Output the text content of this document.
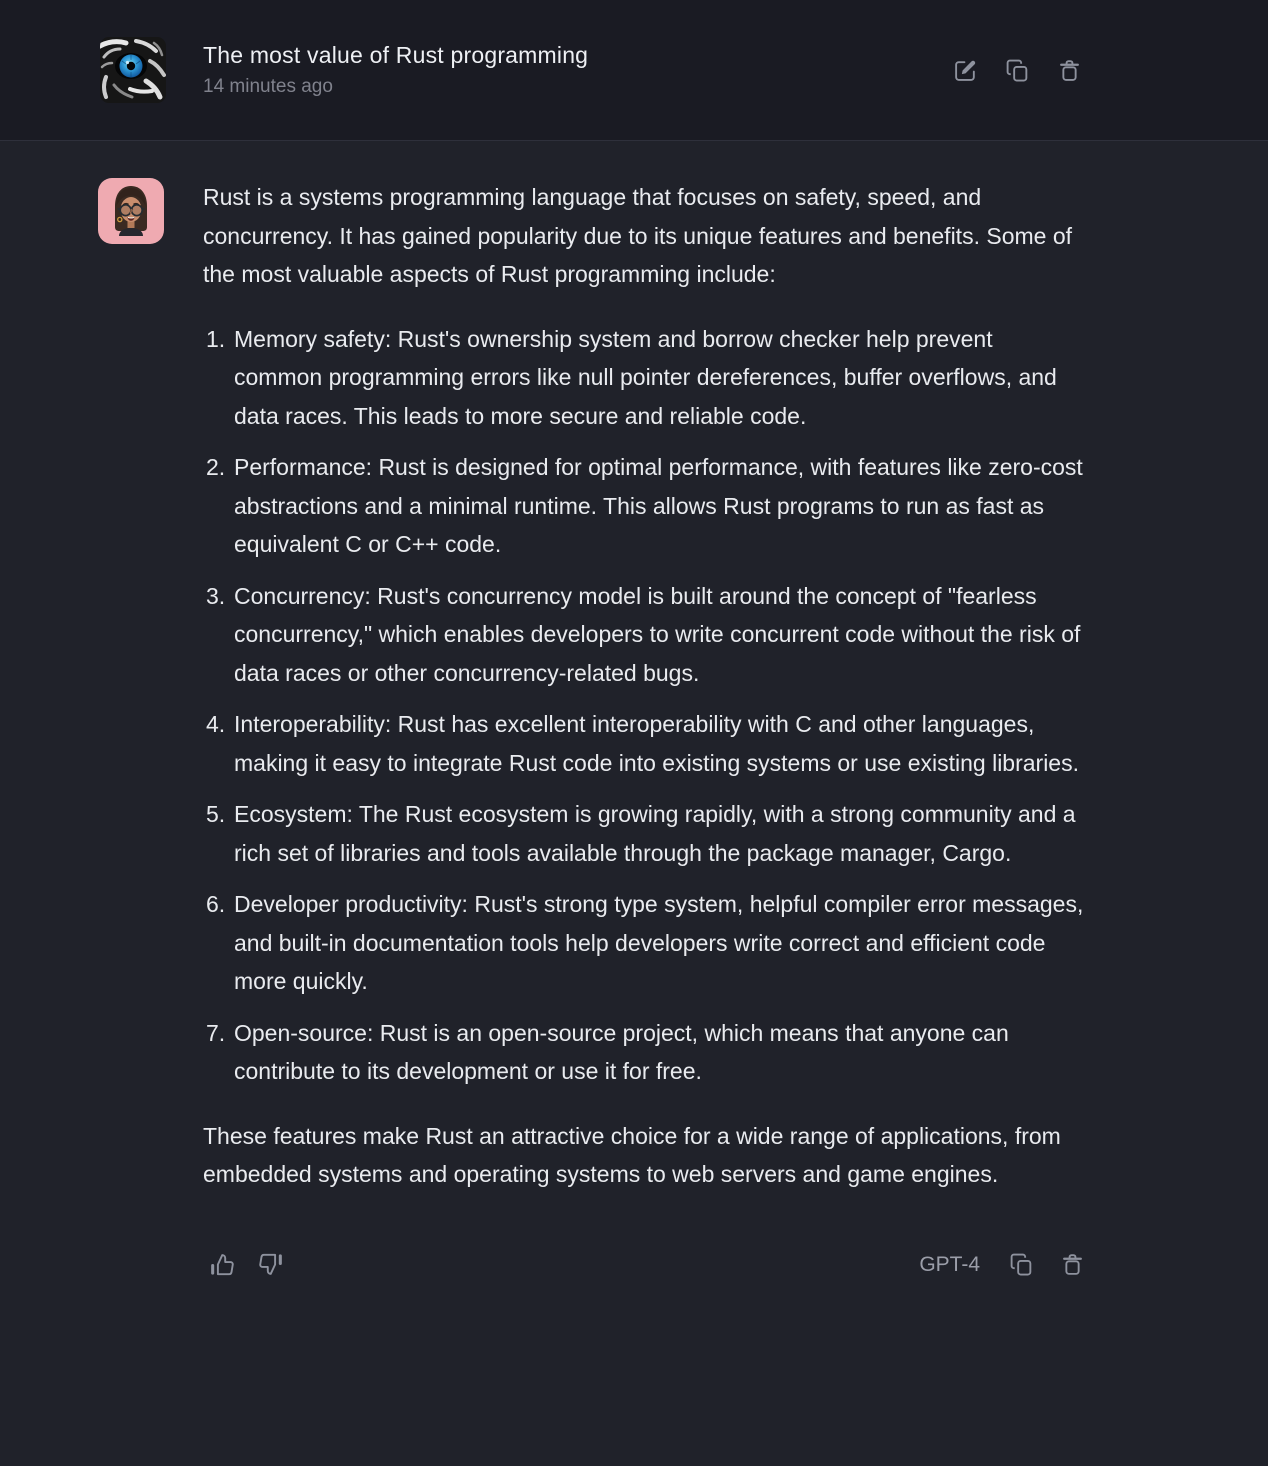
The most value of Rust programming
14 minutes ago

Rust is a systems programming language that focuses on safety, speed, and concurrency. It has gained popularity due to its unique features and benefits. Some of the most valuable aspects of Rust programming include:

1. Memory safety: Rust's ownership system and borrow checker help prevent common programming errors like null pointer dereferences, buffer overflows, and data races. This leads to more secure and reliable code.
2. Performance: Rust is designed for optimal performance, with features like zero-cost abstractions and a minimal runtime. This allows Rust programs to run as fast as equivalent C or C++ code.
3. Concurrency: Rust's concurrency model is built around the concept of "fearless concurrency," which enables developers to write concurrent code without the risk of data races or other concurrency-related bugs.
4. Interoperability: Rust has excellent interoperability with C and other languages, making it easy to integrate Rust code into existing systems or use existing libraries.
5. Ecosystem: The Rust ecosystem is growing rapidly, with a strong community and a rich set of libraries and tools available through the package manager, Cargo.
6. Developer productivity: Rust's strong type system, helpful compiler error messages, and built-in documentation tools help developers write correct and efficient code more quickly.
7. Open-source: Rust is an open-source project, which means that anyone can contribute to its development or use it for free.

These features make Rust an attractive choice for a wide range of applications, from embedded systems and operating systems to web servers and game engines.

GPT-4
